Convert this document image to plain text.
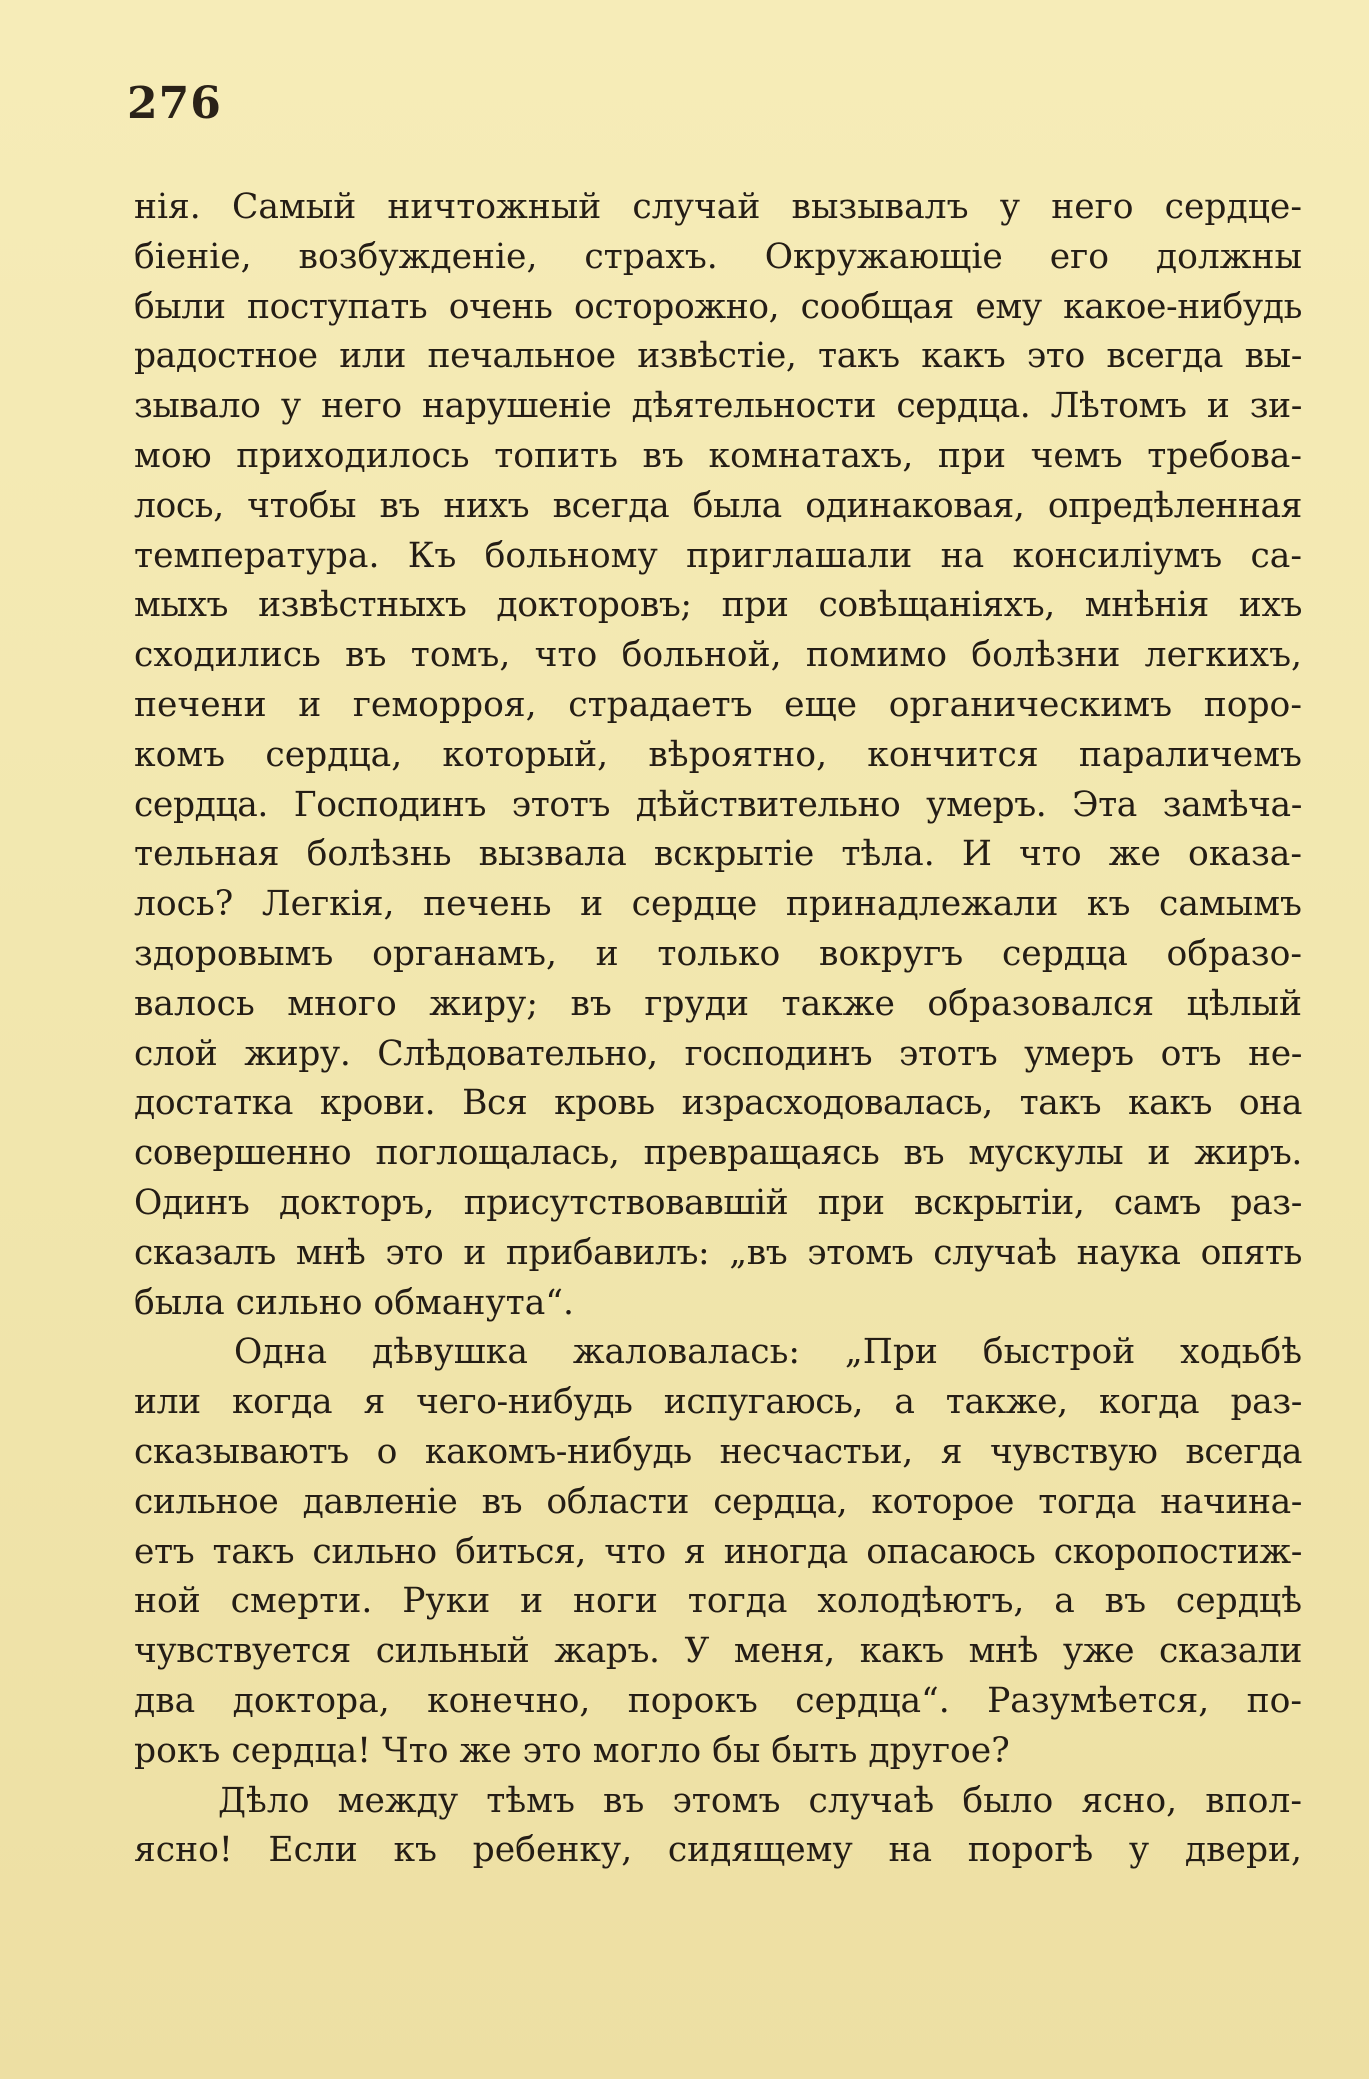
276
нія. Самый ничтожный случай вызывалъ у него сердце-
біеніе, возбужденіе, страхъ. Окружающіе его должны
были поступать очень осторожно, сообщая ему какое-нибудь
радостное или печальное извѣстіе, такъ какъ это всегда вы-
зывало у него нарушеніе дѣятельности сердца. Лѣтомъ и зи-
мою приходилось топить въ комнатахъ, при чемъ требова-
лось, чтобы въ нихъ всегда была одинаковая, опредѣленная
температура. Къ больному приглашали на консиліумъ са-
мыхъ извѣстныхъ докторовъ; при совѣщаніяхъ, мнѣнія ихъ
сходились въ томъ, что больной, помимо болѣзни легкихъ,
печени и геморроя, страдаетъ еще органическимъ поро-
комъ сердца, который, вѣроятно, кончится параличемъ
сердца. Господинъ этотъ дѣйствительно умеръ. Эта замѣча-
тельная болѣзнь вызвала вскрытіе тѣла. И что же оказа-
лось? Легкія, печень и сердце принадлежали къ самымъ
здоровымъ органамъ, и только вокругъ сердца образо-
валось много жиру; въ груди также образовался цѣлый
слой жиру. Слѣдовательно, господинъ этотъ умеръ отъ не-
достатка крови. Вся кровь израсходовалась, такъ какъ она
совершенно поглощалась, превращаясь въ мускулы и жиръ.
Одинъ докторъ, присутствовавшій при вскрытіи, самъ раз-
сказалъ мнѣ это и прибавилъ: „въ этомъ случаѣ наука опять
была сильно обманута“.
Одна дѣвушка жаловалась: „При быстрой ходьбѣ
или когда я чего-нибудь испугаюсь, а также, когда раз-
сказываютъ о какомъ-нибудь несчастьи, я чувствую всегда
сильное давленіе въ области сердца, которое тогда начина-
етъ такъ сильно биться, что я иногда опасаюсь скоропостиж-
ной смерти. Руки и ноги тогда холодѣютъ, а въ сердцѣ
чувствуется сильный жаръ. У меня, какъ мнѣ уже сказали
два доктора, конечно, порокъ сердца“. Разумѣется, по-
рокъ сердца! Что же это могло бы быть другое?
Дѣло между тѣмъ въ этомъ случаѣ было ясно, впол-
ясно! Если къ ребенку, сидящему на порогѣ у двери,
